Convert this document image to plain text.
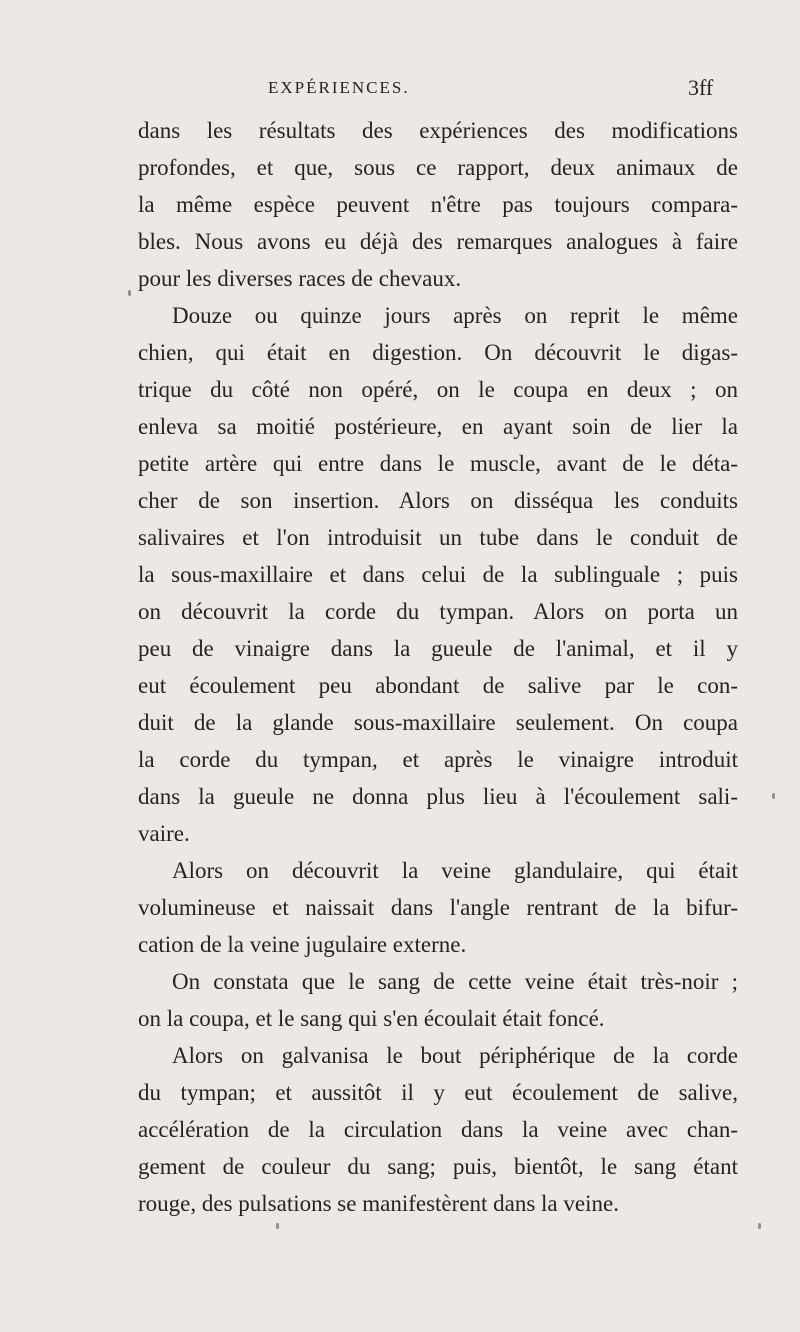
EXPÉRIENCES.	3ff
dans les résultats des expériences des modifications
profondes, et que, sous ce rapport, deux animaux de
la même espèce peuvent n'être pas toujours compara-
bles. Nous avons eu déjà des remarques analogues à faire
pour les diverses races de chevaux.
Douze ou quinze jours après on reprit le même
chien, qui était en digestion. On découvrit le digas-
trique du côté non opéré, on le coupa en deux ; on
enleva sa moitié postérieure, en ayant soin de lier la
petite artère qui entre dans le muscle, avant de le déta-
cher de son insertion. Alors on disséqua les conduits
salivaires et l'on introduisit un tube dans le conduit de
la sous-maxillaire et dans celui de la sublinguale ; puis
on découvrit la corde du tympan. Alors on porta un
peu de vinaigre dans la gueule de l'animal, et il y
eut écoulement peu abondant de salive par le con-
duit de la glande sous-maxillaire seulement. On coupa
la corde du tympan, et après le vinaigre introduit
dans la gueule ne donna plus lieu à l'écoulement sali-
vaire.
Alors on découvrit la veine glandulaire, qui était
volumineuse et naissait dans l'angle rentrant de la bifur-
cation de la veine jugulaire externe.
On constata que le sang de cette veine était très-noir ;
on la coupa, et le sang qui s'en écoulait était foncé.
Alors on galvanisa le bout périphérique de la corde
du tympan; et aussitôt il y eut écoulement de salive,
accélération de la circulation dans la veine avec chan-
gement de couleur du sang; puis, bientôt, le sang étant
rouge, des pulsations se manifestèrent dans la veine.
